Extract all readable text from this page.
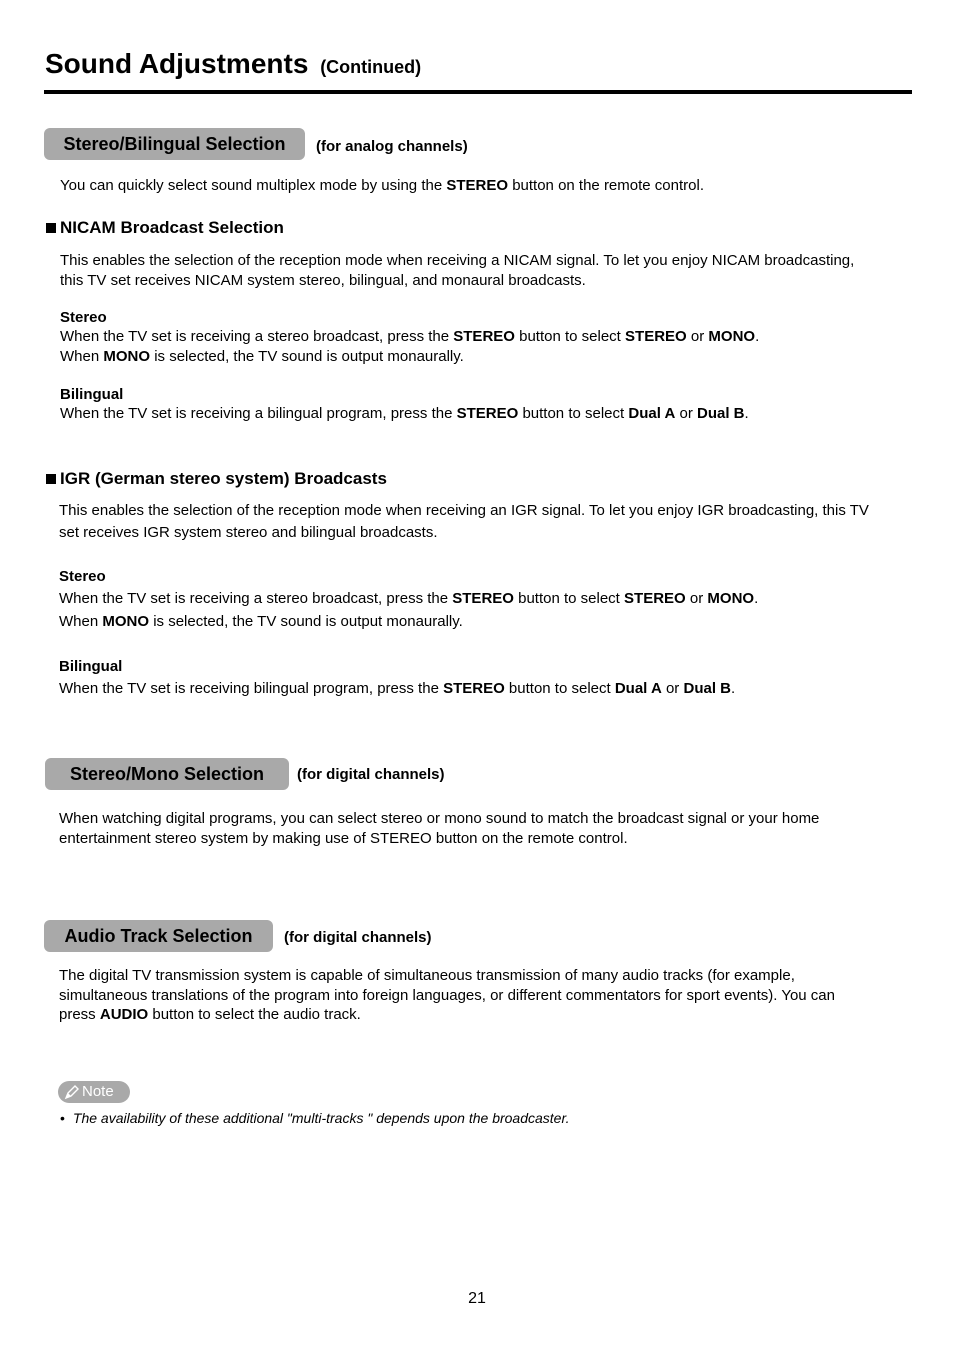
Sound Adjustments (Continued)
Stereo/Bilingual Selection	(for analog channels)
You can quickly select sound multiplex mode by using the STEREO button on the remote control.
NICAM Broadcast Selection
This enables the selection of the reception mode when receiving a NICAM signal. To let you enjoy NICAM broadcasting, this TV set receives NICAM system stereo, bilingual, and monaural broadcasts.
Stereo
When the TV set is receiving a stereo broadcast, press the STEREO button to select STEREO or MONO.
When MONO is selected, the TV sound is output monaurally.
Bilingual
When the TV set is receiving a bilingual program, press the STEREO button to select Dual A or Dual B.
IGR (German stereo system) Broadcasts
This enables the selection of the reception mode when receiving an IGR signal. To let you enjoy IGR broadcasting, this TV set receives IGR system stereo and bilingual broadcasts.
Stereo
When the TV set is receiving a stereo broadcast, press the STEREO button to select STEREO or MONO.
When MONO is selected, the TV sound is output monaurally.
Bilingual
When the TV set is receiving bilingual program, press the STEREO button to select Dual A or Dual B.
Stereo/Mono Selection	(for digital channels)
When watching digital programs, you can select stereo or mono sound to match the broadcast signal or your home entertainment stereo system by making use of STEREO button on the remote control.
Audio Track Selection	(for digital channels)
The digital TV transmission system is capable of simultaneous transmission of many audio tracks (for example, simultaneous translations of the program into foreign languages, or different commentators for sport events). You can press AUDIO button to select the audio track.
Note
• The availability of these additional "multi-tracks " depends upon the broadcaster.
21
